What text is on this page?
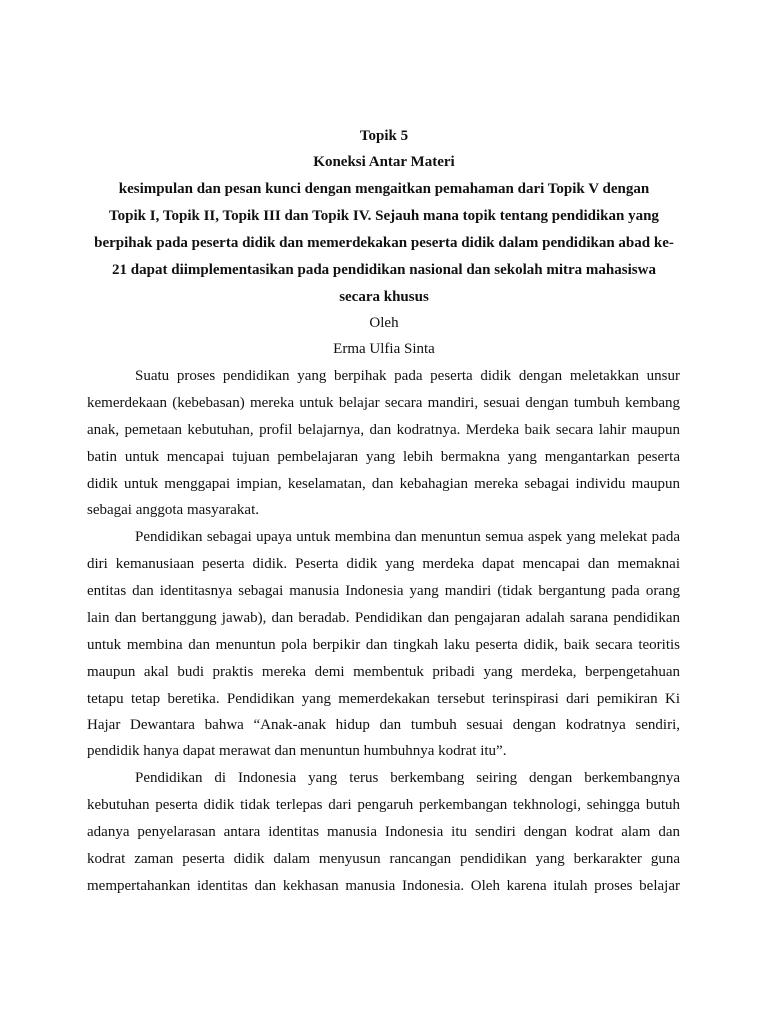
Topik 5
Koneksi Antar Materi
kesimpulan dan pesan kunci dengan mengaitkan pemahaman dari Topik V dengan
Topik I, Topik II, Topik III dan Topik IV. Sejauh mana topik tentang pendidikan yang
berpihak pada peserta didik dan memerdekakan peserta didik dalam pendidikan abad ke-
21 dapat diimplementasikan pada pendidikan nasional dan sekolah mitra mahasiswa
secara khusus
Oleh
Erma Ulfia Sinta
Suatu proses pendidikan yang berpihak pada peserta didik dengan meletakkan unsur
kemerdekaan (kebebasan) mereka untuk belajar secara mandiri, sesuai dengan tumbuh kembang
anak, pemetaan kebutuhan, profil belajarnya, dan kodratnya. Merdeka baik secara lahir maupun
batin untuk mencapai tujuan pembelajaran yang lebih bermakna yang mengantarkan peserta
didik untuk menggapai impian, keselamatan, dan kebahagian mereka sebagai individu maupun
sebagai anggota masyarakat.
Pendidikan sebagai upaya untuk membina dan menuntun semua aspek yang melekat pada
diri kemanusiaan peserta didik. Peserta didik yang merdeka dapat mencapai dan memaknai
entitas dan identitasnya sebagai manusia Indonesia yang mandiri (tidak bergantung pada orang
lain dan bertanggung jawab), dan beradab. Pendidikan dan pengajaran adalah sarana pendidikan
untuk membina dan menuntun pola berpikir dan tingkah laku peserta didik, baik secara teoritis
maupun akal budi praktis mereka demi membentuk pribadi yang merdeka, berpengetahuan
tetapu tetap beretika. Pendidikan yang memerdekakan tersebut terinspirasi dari pemikiran Ki
Hajar Dewantara bahwa “Anak-anak hidup dan tumbuh sesuai dengan kodratnya sendiri,
pendidik hanya dapat merawat dan menuntun humbuhnya kodrat itu”.
Pendidikan di Indonesia yang terus berkembang seiring dengan berkembangnya
kebutuhan peserta didik tidak terlepas dari pengaruh perkembangan tekhnologi, sehingga butuh
adanya penyelarasan antara identitas manusia Indonesia itu sendiri dengan kodrat alam dan
kodrat zaman peserta didik dalam menyusun rancangan pendidikan yang berkarakter guna
mempertahankan identitas dan kekhasan manusia Indonesia. Oleh karena itulah proses belajar
